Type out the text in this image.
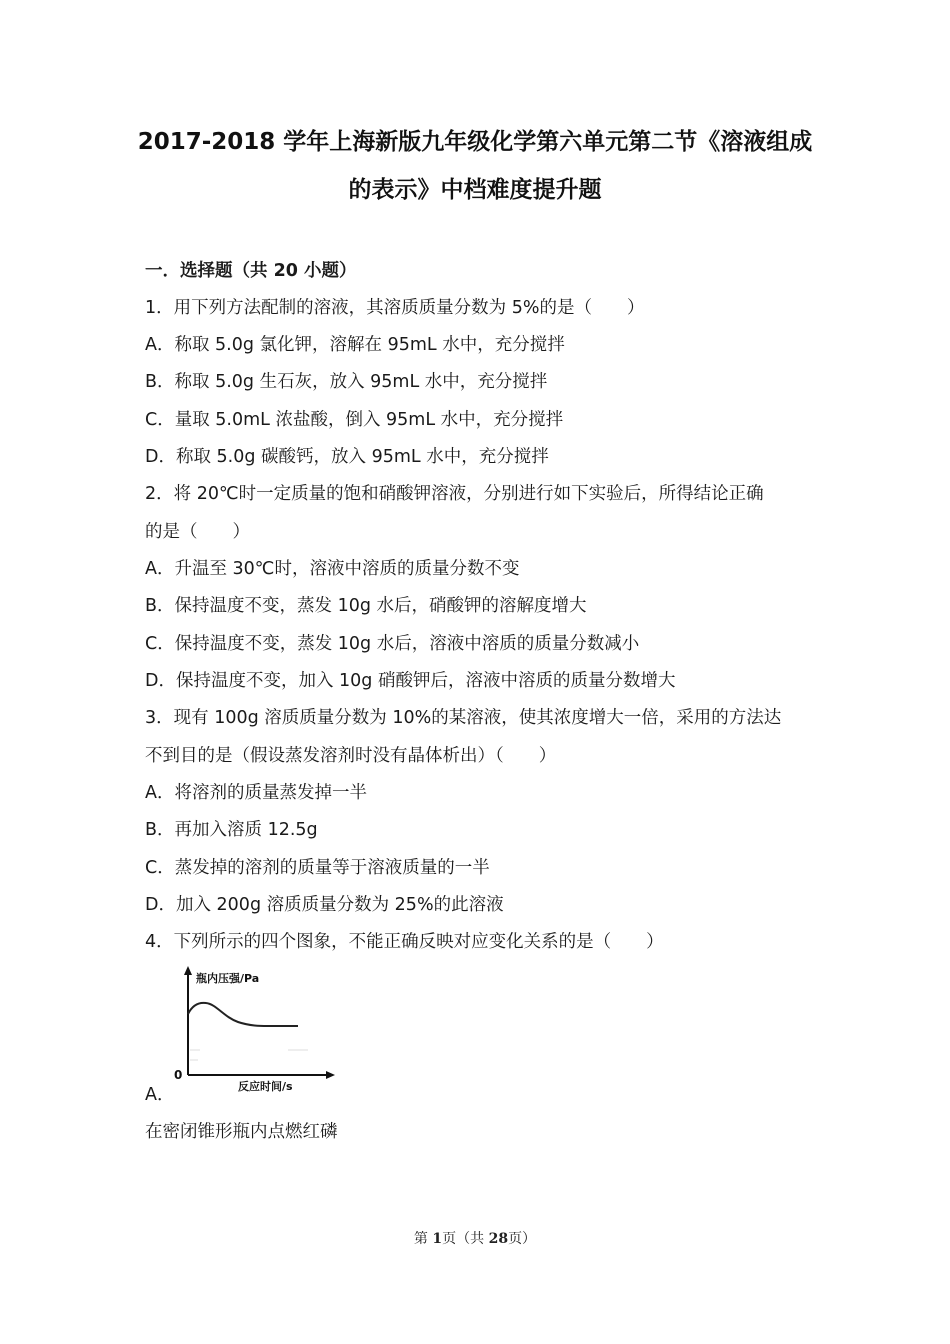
2017-2018 学年上海新版九年级化学第六单元第二节《溶液组成
的表示》中档难度提升题
一．选择题（共 20 小题）
1．用下列方法配制的溶液，其溶质质量分数为 5%的是（　　）
A．称取 5.0g 氯化钾，溶解在 95mL 水中，充分搅拌
B．称取 5.0g 生石灰，放入 95mL 水中，充分搅拌
C．量取 5.0mL 浓盐酸，倒入 95mL 水中，充分搅拌
D．称取 5.0g 碳酸钙，放入 95mL 水中，充分搅拌
2．将 20℃时一定质量的饱和硝酸钾溶液，分别进行如下实验后，所得结论正确
的是（　　）
A．升温至 30℃时，溶液中溶质的质量分数不变
B．保持温度不变，蒸发 10g 水后，硝酸钾的溶解度增大
C．保持温度不变，蒸发 10g 水后，溶液中溶质的质量分数减小
D．保持温度不变，加入 10g 硝酸钾后，溶液中溶质的质量分数增大
3．现有 100g 溶质质量分数为 10%的某溶液，使其浓度增大一倍，采用的方法达
不到目的是（假设蒸发溶剂时没有晶体析出）（　　）
A．将溶剂的质量蒸发掉一半
B．再加入溶质 12.5g
C．蒸发掉的溶剂的质量等于溶液质量的一半
D．加入 200g 溶质质量分数为 25%的此溶液
4．下列所示的四个图象，不能正确反映对应变化关系的是（　　）
瓶内压强/Pa
0
反应时间/s
A．
在密闭锥形瓶内点燃红磷
第 1页（共 28页）
